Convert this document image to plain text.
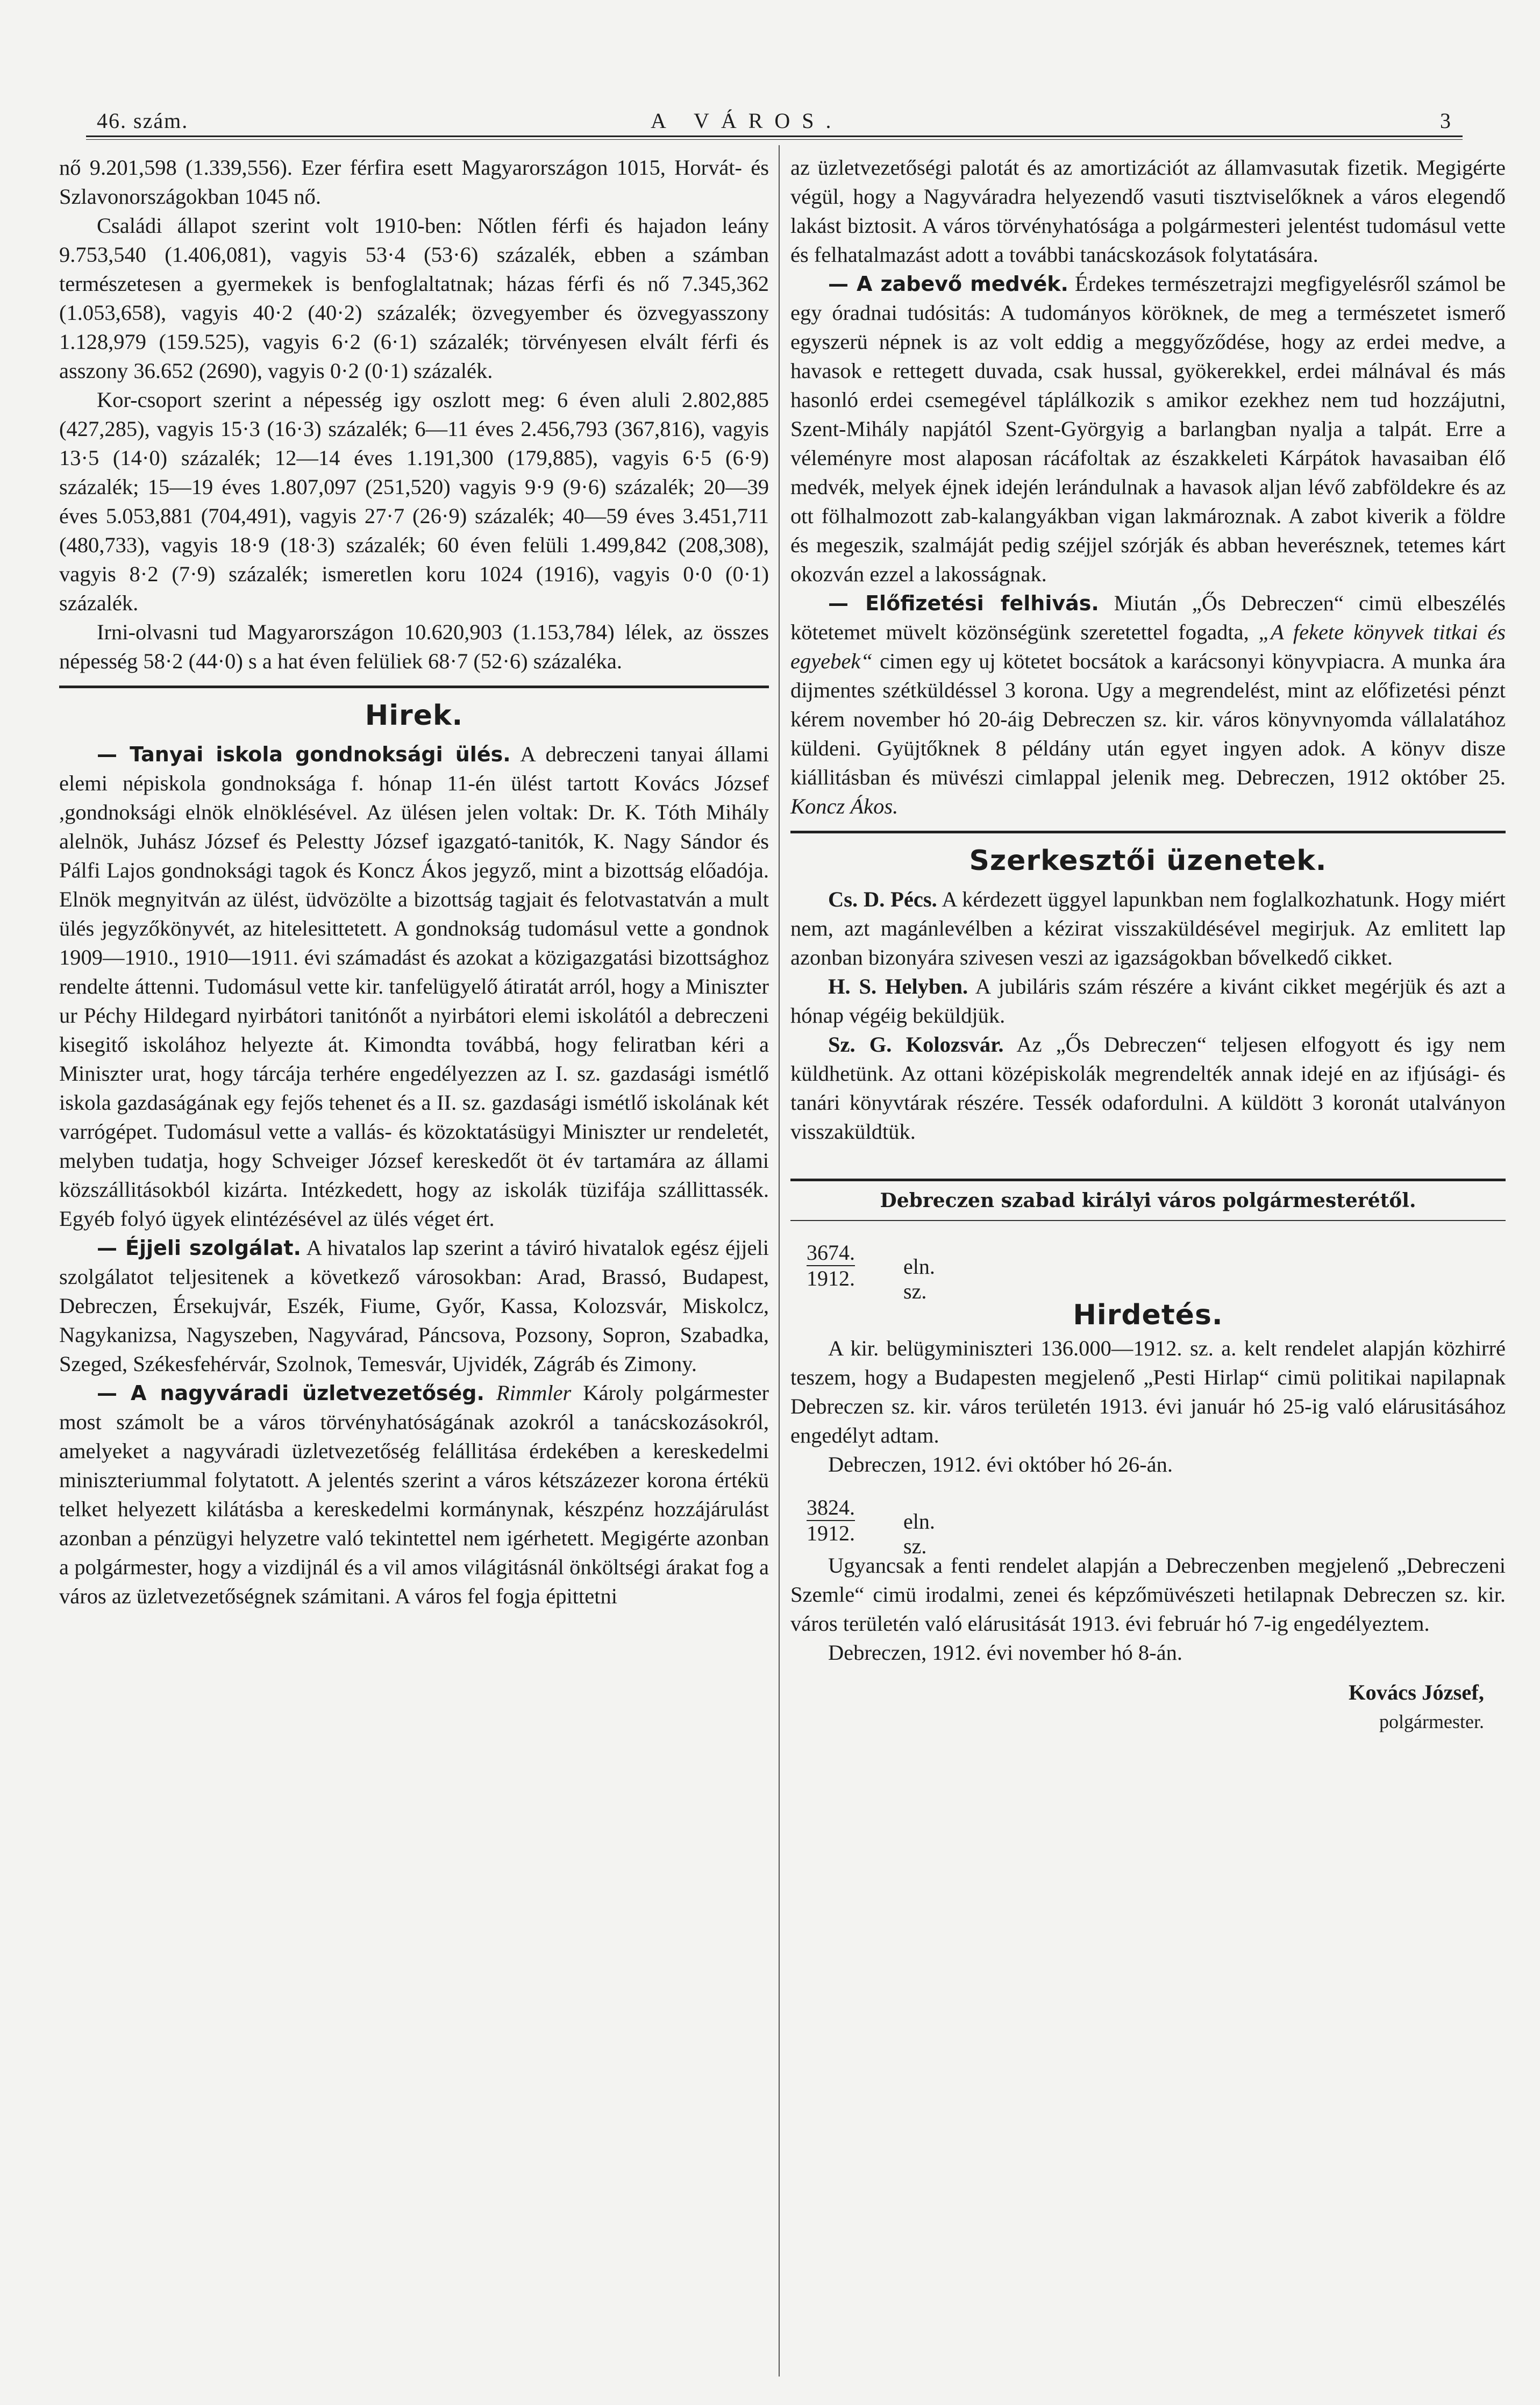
46. szám.	A VÁROS.	3

nő 9.201,598 (1.339,556). Ezer férfira esett Magyarországon 1015, Horvát- és Szlavonországokban 1045 nő.

Családi állapot szerint volt 1910-ben: Nőtlen férfi és hajadon leány 9.753,540 (1.406,081), vagyis 53·4 (53·6) százalék, ebben a számban természetesen a gyermekek is benfoglaltatnak; házas férfi és nő 7.345,362 (1.053,658), vagyis 40·2 (40·2) százalék; özvegyember és özvegyasszony 1.128,979 (159.525), vagyis 6·2 (6·1) százalék; törvényesen elvált férfi és asszony 36.652 (2690), vagyis 0·2 (0·1) százalék.

Kor-csoport szerint a népesség igy oszlott meg: 6 éven aluli 2.802,885 (427,285), vagyis 15·3 (16·3) százalék; 6—11 éves 2.456,793 (367,816), vagyis 13·5 (14·0) százalék; 12—14 éves 1.191,300 (179,885), vagyis 6·5 (6·9) százalék; 15—19 éves 1.807,097 (251,520) vagyis 9·9 (9·6) százalék; 20—39 éves 5.053,881 (704,491), vagyis 27·7 (26·9) százalék; 40—59 éves 3.451,711 (480,733), vagyis 18·9 (18·3) százalék; 60 éven felüli 1.499,842 (208,308), vagyis 8·2 (7·9) százalék; ismeretlen koru 1024 (1916), vagyis 0·0 (0·1) százalék.

Irni-olvasni tud Magyarországon 10.620,903 (1.153,784) lélek, az összes népesség 58·2 (44·0) s a hat éven felüliek 68·7 (52·6) százaléka.

Hirek.

— Tanyai iskola gondnoksági ülés. A debreczeni tanyai állami elemi népiskola gondnoksága f. hónap 11-én ülést tartott Kovács József ,gondnoksági elnök elnöklésével. Az ülésen jelen voltak: Dr. K. Tóth Mihály alelnök, Juhász József és Pelestty József igazgató-tanitók, K. Nagy Sándor és Pálfi Lajos gondnoksági tagok és Koncz Ákos jegyző, mint a bizottság előadója. Elnök megnyitván az ülést, üdvözölte a bizottság tagjait és felotvastatván a mult ülés jegyzőkönyvét, az hitelesittetett. A gondnokság tudomásul vette a gondnok 1909—1910., 1910—1911. évi számadást és azokat a közigazgatási bizottsághoz rendelte áttenni. Tudomásul vette kir. tanfelügyelő átiratát arról, hogy a Miniszter ur Péchy Hildegard nyirbátori tanitónőt a nyirbátori elemi iskolától a debreczeni kisegitő iskolához helyezte át. Kimondta továbbá, hogy feliratban kéri a Miniszter urat, hogy tárcája terhére engedélyezzen az I. sz. gazdasági ismétlő iskola gazdaságának egy fejős tehenet és a II. sz. gazdasági ismétlő iskolának két varrógépet. Tudomásul vette a vallás- és közoktatásügyi Miniszter ur rendeletét, melyben tudatja, hogy Schveiger József kereskedőt öt év tartamára az állami közszállitásokból kizárta. Intézkedett, hogy az iskolák tüzifája szállittassék. Egyéb folyó ügyek elintézésével az ülés véget ért.

— Éjjeli szolgálat. A hivatalos lap szerint a táviró hivatalok egész éjjeli szolgálatot teljesitenek a következő városokban: Arad, Brassó, Budapest, Debreczen, Érsekujvár, Eszék, Fiume, Győr, Kassa, Kolozsvár, Miskolcz, Nagykanizsa, Nagyszeben, Nagyvárad, Páncsova, Pozsony, Sopron, Szabadka, Szeged, Székesfehérvár, Szolnok, Temesvár, Ujvidék, Zágráb és Zimony.

— A nagyváradi üzletvezetőség. Rimmler Károly polgármester most számolt be a város törvényhatóságának azokról a tanácskozásokról, amelyeket a nagyváradi üzletvezetőség felállitása érdekében a kereskedelmi miniszteriummal folytatott. A jelentés szerint a város kétszázezer korona értékü telket helyezett kilátásba a kereskedelmi kormánynak, készpénz hozzájárulást azonban a pénzügyi helyzetre való tekintettel nem igérhetett. Megigérte azonban a polgármester, hogy a vizdijnál és a vil amos világitásnál önköltségi árakat fog a város az üzletvezetőségnek számitani. A város fel fogja épittetni

az üzletvezetőségi palotát és az amortizációt az államvasutak fizetik. Megigérte végül, hogy a Nagyváradra helyezendő vasuti tisztviselőknek a város elegendő lakást biztosit. A város törvényhatósága a polgármesteri jelentést tudomásul vette és felhatalmazást adott a további tanácskozások folytatására.

— A zabevő medvék. Érdekes természetrajzi megfigyelésről számol be egy óradnai tudósitás: A tudományos köröknek, de meg a természetet ismerő egyszerü népnek is az volt eddig a meggyőződése, hogy az erdei medve, a havasok e rettegett duvada, csak hussal, gyökerekkel, erdei málnával és más hasonló erdei csemegével táplálkozik s amikor ezekhez nem tud hozzájutni, Szent-Mihály napjától Szent-Györgyig a barlangban nyalja a talpát. Erre a véleményre most alaposan rácáfoltak az északkeleti Kárpátok havasaiban élő medvék, melyek éjnek idején lerándulnak a havasok aljan lévő zabföldekre és az ott fölhalmozott zab-kalangyákban vigan lakmároznak. A zabot kiverik a földre és megeszik, szalmáját pedig széjjel szórják és abban heverésznek, tetemes kárt okozván ezzel a lakosságnak.

— Előfizetési felhivás. Miután „Ős Debreczen“ cimü elbeszélés kötetemet müvelt közönségünk szeretettel fogadta, „A fekete könyvek titkai és egyebek“ cimen egy uj kötetet bocsátok a karácsonyi könyvpiacra. A munka ára dijmentes szétküldéssel 3 korona. Ugy a megrendelést, mint az előfizetési pénzt kérem november hó 20-áig Debreczen sz. kir. város könyvnyomda vállalatához küldeni. Gyüjtőknek 8 példány után egyet ingyen adok. A könyv disze kiállitásban és müvészi cimlappal jelenik meg. Debreczen, 1912 október 25. Koncz Ákos.

Szerkesztői üzenetek.

Cs. D. Pécs. A kérdezett üggyel lapunkban nem foglalkozhatunk. Hogy miért nem, azt magánlevélben a kézirat visszaküldésével megirjuk. Az emlitett lap azonban bizonyára szivesen veszi az igazságokban bővelkedő cikket.

H. S. Helyben. A jubiláris szám részére a kivánt cikket megérjük és azt a hónap végéig beküldjük.

Sz. G. Kolozsvár. Az „Ős Debreczen“ teljesen elfogyott és igy nem küldhetünk. Az ottani középiskolák megrendelték annak idejé en az ifjúsági- és tanári könyvtárak részére. Tessék odafordulni. A küldött 3 koronát utalványon visszaküldtük.

Debreczen szabad királyi város polgármesterétől.
3674.
1912. eln. sz.
Hirdetés.

A kir. belügyminiszteri 136.000—1912. sz. a. kelt rendelet alapján közhirré teszem, hogy a Budapesten megjelenő „Pesti Hirlap“ cimü politikai napilapnak Debreczen sz. kir. város területén 1913. évi január hó 25-ig való elárusitásához engedélyt adtam.

Debreczen, 1912. évi október hó 26-án.

3824.
1912. eln. sz.

Ugyancsak a fenti rendelet alapján a Debreczenben megjelenő „Debreczeni Szemle“ cimü irodalmi, zenei és képzőmüvészeti hetilapnak Debreczen sz. kir. város területén való elárusitását 1913. évi február hó 7-ig engedélyeztem.

Debreczen, 1912. évi november hó 8-án.

Kovács József,
polgármester.
